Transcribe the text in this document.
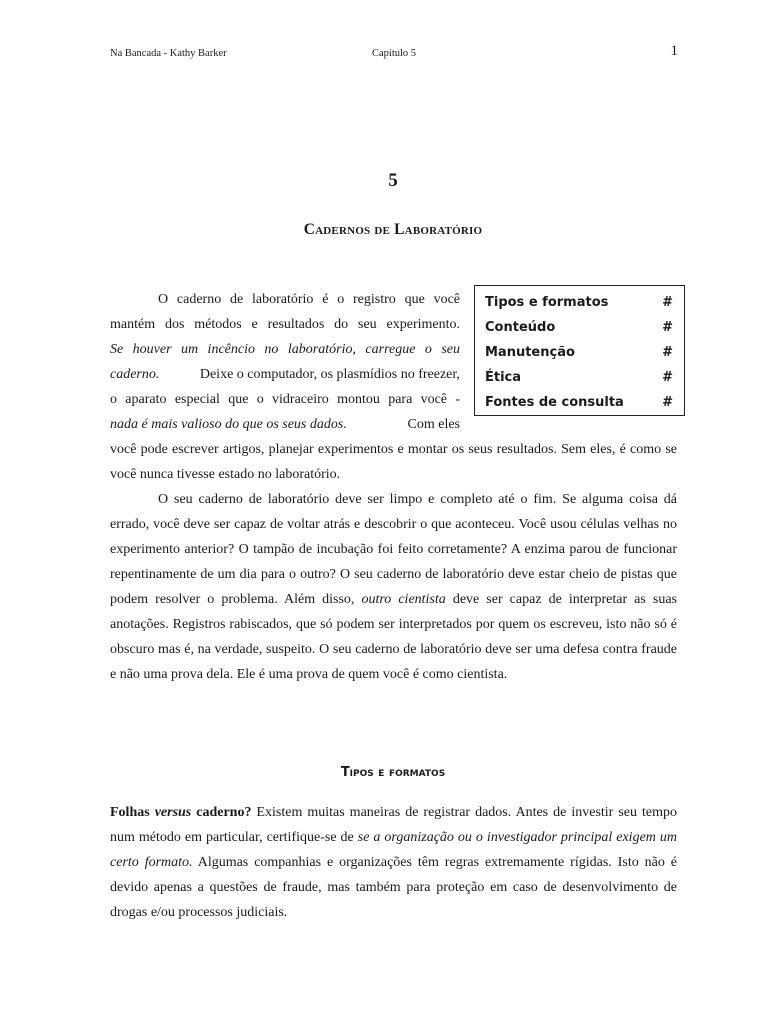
Na Bancada - Kathy Barker	Capítulo 5	1
5
Cadernos de Laboratório
Tipos e formatos	#
Conteúdo	#
Manutenção	#
Ética	#
Fontes de consulta	#
O caderno de laboratório é o registro que você
mantém dos métodos e resultados do seu experimento.
Se houver um incêncio no laboratório, carregue o seu
caderno.	Deixe o computador, os plasmídios no freezer,
o aparato especial que o vidraceiro montou para você -
nada é mais valioso do que os seus dados.	Com eles
você pode escrever artigos, planejar experimentos e montar os seus resultados. Sem eles, é como se você nunca tivesse estado no laboratório.
O seu caderno de laboratório deve ser limpo e completo até o fim. Se alguma coisa dá errado, você deve ser capaz de voltar atrás e descobrir o que aconteceu. Você usou células velhas no experimento anterior? O tampão de incubação foi feito corretamente? A enzima parou de funcionar repentinamente de um dia para o outro? O seu caderno de laboratório deve estar cheio de pistas que podem resolver o problema. Além disso, outro cientista deve ser capaz de interpretar as suas anotações. Registros rabiscados, que só podem ser interpretados por quem os escreveu, isto não só é obscuro mas é, na verdade, suspeito. O seu caderno de laboratório deve ser uma defesa contra fraude e não uma prova dela. Ele é uma prova de quem você é como cientista.
Tipos e formatos
Folhas versus caderno? Existem muitas maneiras de registrar dados. Antes de investir seu tempo num método em particular, certifique-se de se a organização ou o investigador principal exigem um certo formato. Algumas companhias e organizações têm regras extremamente rígidas. Isto não é devido apenas a questões de fraude, mas também para proteção em caso de desenvolvimento de drogas e/ou processos judiciais.
